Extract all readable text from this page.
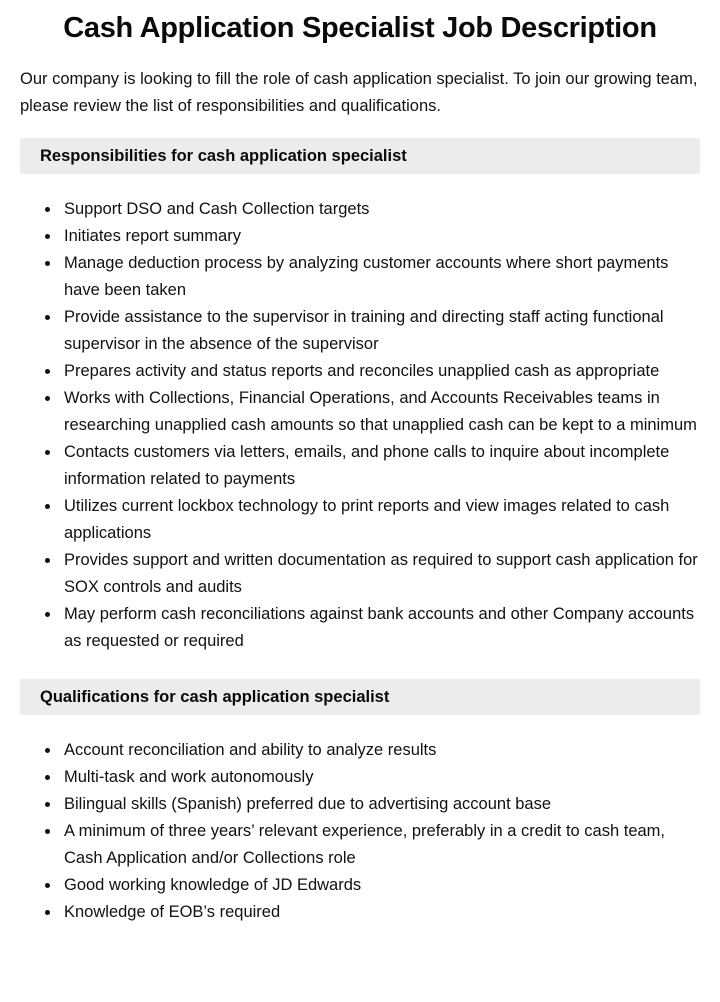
Cash Application Specialist Job Description

Our company is looking to fill the role of cash application specialist. To join our growing team, please review the list of responsibilities and qualifications.

Responsibilities for cash application specialist
• Support DSO and Cash Collection targets
• Initiates report summary
• Manage deduction process by analyzing customer accounts where short payments have been taken
• Provide assistance to the supervisor in training and directing staff acting functional supervisor in the absence of the supervisor
• Prepares activity and status reports and reconciles unapplied cash as appropriate
• Works with Collections, Financial Operations, and Accounts Receivables teams in researching unapplied cash amounts so that unapplied cash can be kept to a minimum
• Contacts customers via letters, emails, and phone calls to inquire about incomplete information related to payments
• Utilizes current lockbox technology to print reports and view images related to cash applications
• Provides support and written documentation as required to support cash application for SOX controls and audits
• May perform cash reconciliations against bank accounts and other Company accounts as requested or required
Qualifications for cash application specialist
• Account reconciliation and ability to analyze results
• Multi-task and work autonomously
• Bilingual skills (Spanish) preferred due to advertising account base
• A minimum of three years’ relevant experience, preferably in a credit to cash team, Cash Application and/or Collections role
• Good working knowledge of JD Edwards
• Knowledge of EOB’s required
